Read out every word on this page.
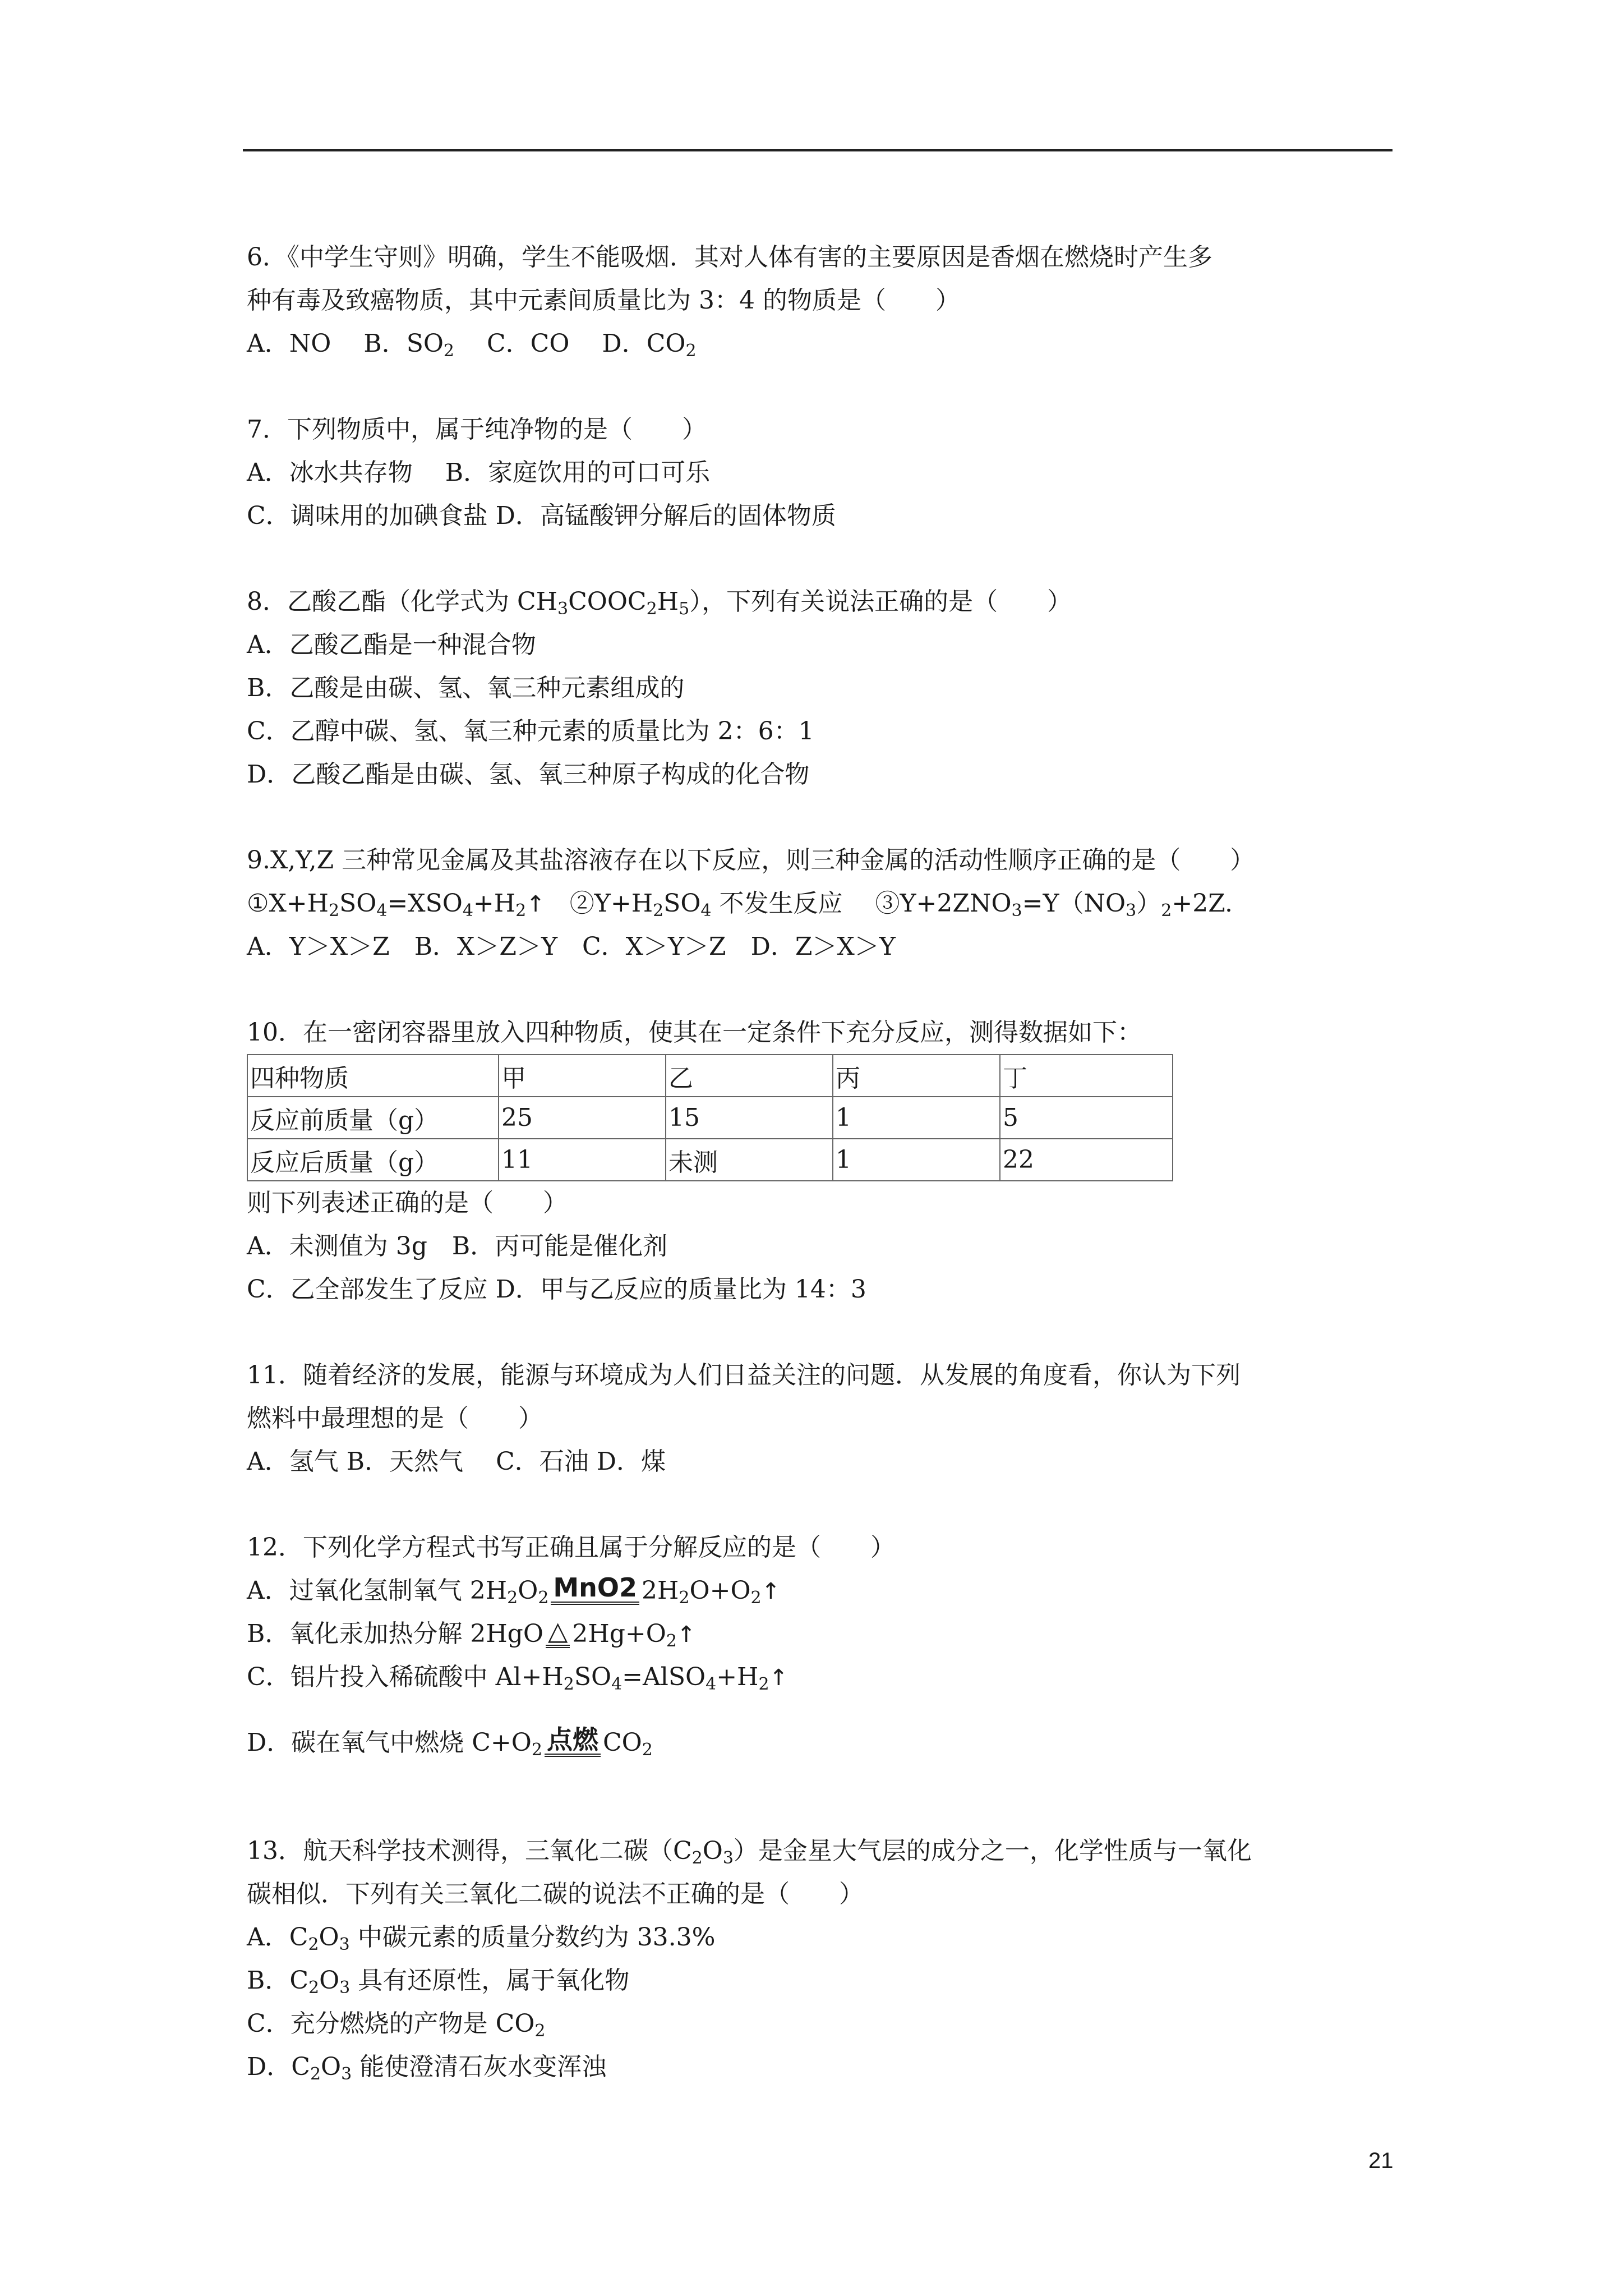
6．《中学生守则》明确，学生不能吸烟．其对人体有害的主要原因是香烟在燃烧时产生多
种有毒及致癌物质，其中元素间质量比为 3：4 的物质是（　　）
A．NO　 B．$SO_2$　 C．CO　 D．$CO_2$
7．下列物质中，属于纯净物的是（　　）
A．冰水共存物　 B．家庭饮用的可口可乐
C．调味用的加碘食盐 D．高锰酸钾分解后的固体物质
8．乙酸乙酯（化学式为 $CH_3COOC_2H_5$），下列有关说法正确的是（　　）
A．乙酸乙酯是一种混合物
B．乙酸是由碳、氢、氧三种元素组成的
C．乙醇中碳、氢、氧三种元素的质量比为 2：6：1
D．乙酸乙酯是由碳、氢、氧三种原子构成的化合物
9.X,Y,Z 三种常见金属及其盐溶液存在以下反应，则三种金属的活动性顺序正确的是（　　）
$①X+H_2SO_4=XSO_4+H_2↑$　 $②Y+H_2SO_4$ 不发生反应　 $③Y+2ZNO_3=Y(NO_3)_2+2Z$.
A．Y＞X＞Z　B．X＞Z＞Y　C．X＞Y＞Z　D．Z＞X＞Y
10．在一密闭容器里放入四种物质，使其在一定条件下充分反应，测得数据如下：
四种物质	甲	乙	丙	丁
反应前质量（g）	25	15	1	5
反应后质量（g）	11	未测	1	22
则下列表述正确的是（　　）
A．未测值为 3g　B．丙可能是催化剂
C．乙全部发生了反应 D．甲与乙反应的质量比为 14：3
11．随着经济的发展，能源与环境成为人们日益关注的问题．从发展的角度看，你认为下列
燃料中最理想的是（　　）
A．氢气 B．天然气　 C．石油 D．煤
12．下列化学方程式书写正确且属于分解反应的是（　　）
A．过氧化氢制氧气 $2H_2O_2$ MnO2 $2H_2O+O_2↑$
B．氧化汞加热分解 2HgO △ $2Hg+O_2↑$
C．铝片投入稀硫酸中 $Al+H_2SO_4=AlSO_4+H_2↑$
D．碳在氧气中燃烧 $C+O_2$ 点燃 $CO_2$
13．航天科学技术测得，三氧化二碳$(C_2O_3)$是金星大气层的成分之一，化学性质与一氧化
碳相似．下列有关三氧化二碳的说法不正确的是（　　）
A．$C_2O_3$ 中碳元素的质量分数约为 33.3%
B．$C_2O_3$ 具有还原性，属于氧化物
C．充分燃烧的产物是 $CO_2$
D．$C_2O_3$ 能使澄清石灰水变浑浊
21
